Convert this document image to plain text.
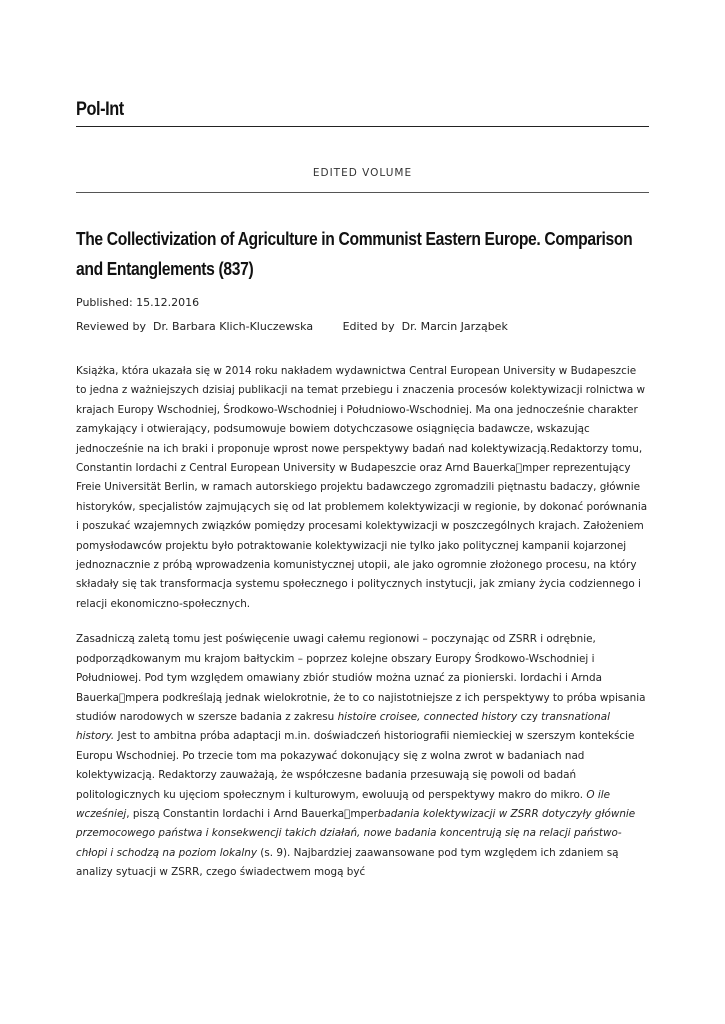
Pol-Int
EDITED VOLUME
The Collectivization of Agriculture in Communist Eastern Europe. Comparison and Entanglements (837)
Published: 15.12.2016
Reviewed by Dr. Barbara Klich-Kluczewska	Edited by Dr. Marcin Jarząbek

Książka, która ukazała się w 2014 roku nakładem wydawnictwa Central European University w Budapeszcie to jedna z ważniejszych dzisiaj publikacji na temat przebiegu i znaczenia procesów kolektywizacji rolnictwa w krajach Europy Wschodniej, Środkowo-Wschodniej i Południowo-Wschodniej. Ma ona jednocześnie charakter zamykający i otwierający, podsumowuje bowiem dotychczasowe osiągnięcia badawcze, wskazując jednocześnie na ich braki i proponuje wprost nowe perspektywy badań nad kolektywizacją.Redaktorzy tomu, Constantin Iordachi z Central European University w Budapeszcie oraz Arnd Bauerka mper reprezentujący Freie Universität Berlin, w ramach autorskiego projektu badawczego zgromadzili piętnastu badaczy, głównie historyków, specjalistów zajmujących się od lat problemem kolektywizacji w regionie, by dokonać porównania i poszukać wzajemnych związków pomiędzy procesami kolektywizacji w poszczególnych krajach. Założeniem pomysłodawców projektu było potraktowanie kolektywizacji nie tylko jako politycznej kampanii kojarzonej jednoznacznie z próbą wprowadzenia komunistycznej utopii, ale jako ogromnie złożonego procesu, na który składały się tak transformacja systemu społecznego i politycznych instytucji, jak zmiany życia codziennego i relacji ekonomiczno-społecznych.

Zasadniczą zaletą tomu jest poświęcenie uwagi całemu regionowi – poczynając od ZSRR i odrębnie, podporządkowanym mu krajom bałtyckim – poprzez kolejne obszary Europy Środkowo-Wschodniej i Południowej. Pod tym względem omawiany zbiór studiów można uznać za pionierski. Iordachi i Arnda Bauerka mpera podkreślają jednak wielokrotnie, że to co najistotniejsze z ich perspektywy to próba wpisania studiów narodowych w szersze badania z zakresu histoire croisee, connected history czy transnational history. Jest to ambitna próba adaptacji m.in. doświadczeń historiografii niemieckiej w szerszym kontekście Europu Wschodniej. Po trzecie tom ma pokazywać dokonujący się z wolna zwrot w badaniach nad kolektywizacją. Redaktorzy zauważają, że współczesne badania przesuwają się powoli od badań politologicznych ku ujęciom społecznym i kulturowym, ewoluują od perspektywy makro do mikro. O ile wcześniej, piszą Constantin Iordachi i Arnd Bauerka mperbadania kolektywizacji w ZSRR dotyczyły głównie przemocowego państwa i konsekwencji takich działań, nowe badania koncentrują się na relacji państwo-chłopi i schodzą na poziom lokalny (s. 9). Najbardziej zaawansowane pod tym względem ich zdaniem są analizy sytuacji w ZSRR, czego świadectwem mogą być
